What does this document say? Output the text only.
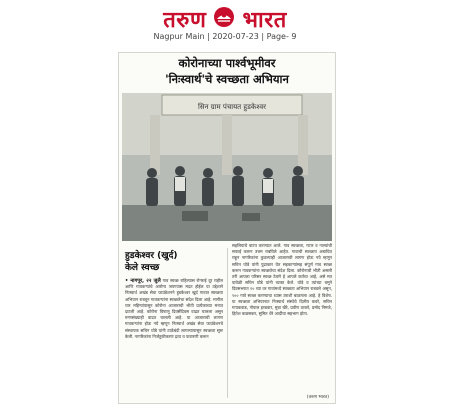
तरुण भारत
Nagpur Main | 2020-07-23 | Page- 9
कोरोनाच्या पार्श्वभूमीवर
'निःस्वार्थ'चे स्वच्छता अभियान
सिन ग्राम पंचायत हुडकेश्वर
हुडकेश्वर (खुर्द)
केले स्वच्छ
• नागपूर, २२ जुलै गाव स्वच्छ राहिल्यास रोगराई दूर राहील आणि गावकऱ्यांचे आरोग्य जपण्यास मदत होईल या उद्देशाने निःस्वार्थ अखंड सेवा फाउंडेशनने हुडकेश्वर खुर्द गावात स्वच्छता अभियान राबवून गावकऱ्यांना स्वच्छतेचा संदेश दिला आहे. मागील चार महिन्यांपासून कोरोना आजाराची भीती प्रत्येकाच्या मनात दाटली आहे. कोरोना विषाणू दिवसेंदिवस वाढत चालला असून रुग्णसंख्याही वाढत चालली आहे. या आजाराची लागण गावकऱ्यांना होऊ नये म्हणून निःस्वार्थ अखंड सेवा फाउंडेशनचे संस्थापक सचिन घोडे यांनी टाळेबंदी लागल्यापासून स्वच्छता सुरू केली. नागरिकांना निर्जंतुकीकरण द्रव्य व फवारणी करून
सहलियाचे वाटप करण्यात आले. गाव स्वच्छता, गटार व नाल्यांची सफाई करून उत्तम राबविले आहेत. गावाची स्वच्छता अबाधित राहून नागरिकांना कुठल्याही आजाराची लागण होऊ नये म्हणून सचिन घोडे यांनी पुढाकार घेत सहकाऱ्यांसह संपूर्ण गाव स्वच्छ करून गावकऱ्यांना स्वच्छतेचा संदेश दिला. कोरोनाची भीती असली तरी आपला परिसर स्वच्छ ठेवणे हे आपले कर्तव्य आहे, असे मत यावेळी सचिन घोडे यांनी व्यक्त केले. घोडे व त्यांच्या चमूने दिवसभरात १० च्या वर गावांमध्ये स्वच्छता अभियान राबवले असून, १०० गावे स्वच्छ करण्याचा ध्यास उराशी बाळगला आहे. हे विशेष. या स्वच्छता अभियानात निःस्वार्थ संस्थेचे दिलीप कवरे, सचिन गायकवाड, गोपाल हरडवार, मुन्ना खैरे, प्रवीण ठाकरे, प्रमोद निमजे, हितेश कळसकर, सुमित थेरे आदींचा सहभाग होता.
(तरुण भारत)
